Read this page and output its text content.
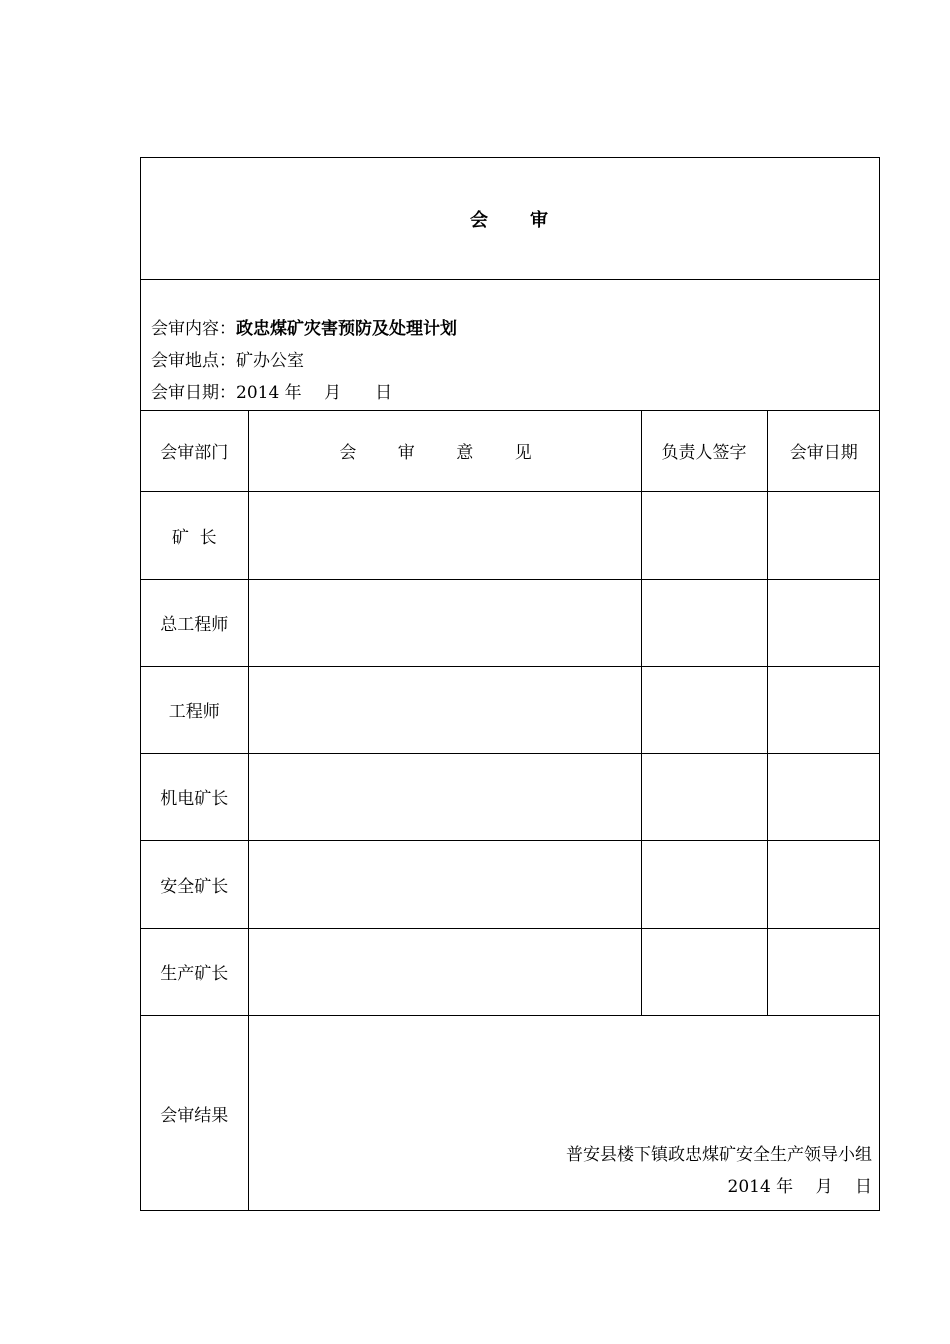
会 审
会审内容：政忠煤矿灾害预防及处理计划
会审地点：矿办公室
会审日期：2014 年　 月　　日
会审部门	会 审 意 见	负责人签字	会审日期
矿  长			
总工程师			
工程师			
机电矿长			
安全矿长			
生产矿长			
会审结果	普安县楼下镇政忠煤矿安全生产领导小组
2014 年　 月　 日		
